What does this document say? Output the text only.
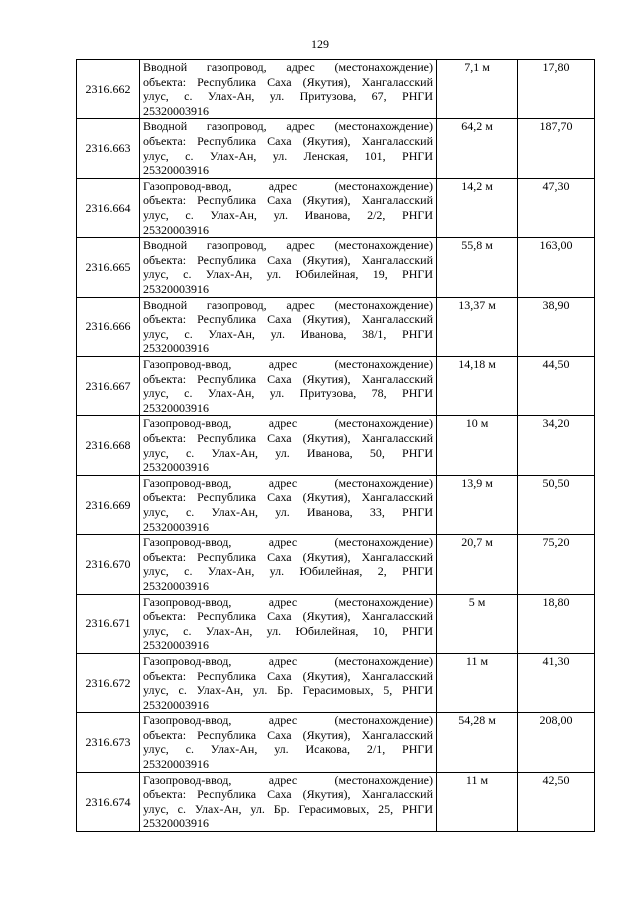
129
2316.662	Вводной газопровод, адрес (местонахождение)
объекта: Республика Саха (Якутия), Хангаласский
улус, с. Улах-Ан, ул. Притузова, 67, РНГИ
25320003916	7,1 м	17,80
2316.663	Вводной газопровод, адрес (местонахождение)
объекта: Республика Саха (Якутия), Хангаласский
улус, с. Улах-Ан, ул. Ленская, 101, РНГИ
25320003916	64,2 м	187,70
2316.664	Газопровод-ввод, адрес (местонахождение)
объекта: Республика Саха (Якутия), Хангаласский
улус, с. Улах-Ан, ул. Иванова, 2/2, РНГИ
25320003916	14,2 м	47,30
2316.665	Вводной газопровод, адрес (местонахождение)
объекта: Республика Саха (Якутия), Хангаласский
улус, с. Улах-Ан, ул. Юбилейная, 19, РНГИ
25320003916	55,8 м	163,00
2316.666	Вводной газопровод, адрес (местонахождение)
объекта: Республика Саха (Якутия), Хангаласский
улус, с. Улах-Ан, ул. Иванова, 38/1, РНГИ
25320003916	13,37 м	38,90
2316.667	Газопровод-ввод, адрес (местонахождение)
объекта: Республика Саха (Якутия), Хангаласский
улус, с. Улах-Ан, ул. Притузова, 78, РНГИ
25320003916	14,18 м	44,50
2316.668	Газопровод-ввод, адрес (местонахождение)
объекта: Республика Саха (Якутия), Хангаласский
улус, с. Улах-Ан, ул. Иванова, 50, РНГИ
25320003916	10 м	34,20
2316.669	Газопровод-ввод, адрес (местонахождение)
объекта: Республика Саха (Якутия), Хангаласский
улус, с. Улах-Ан, ул. Иванова, 33, РНГИ
25320003916	13,9 м	50,50
2316.670	Газопровод-ввод, адрес (местонахождение)
объекта: Республика Саха (Якутия), Хангаласский
улус, с. Улах-Ан, ул. Юбилейная, 2, РНГИ
25320003916	20,7 м	75,20
2316.671	Газопровод-ввод, адрес (местонахождение)
объекта: Республика Саха (Якутия), Хангаласский
улус, с. Улах-Ан, ул. Юбилейная, 10, РНГИ
25320003916	5 м	18,80
2316.672	Газопровод-ввод, адрес (местонахождение)
объекта: Республика Саха (Якутия), Хангаласский
улус, с. Улах-Ан, ул. Бр. Герасимовых, 5, РНГИ
25320003916	11 м	41,30
2316.673	Газопровод-ввод, адрес (местонахождение)
объекта: Республика Саха (Якутия), Хангаласский
улус, с. Улах-Ан, ул. Исакова, 2/1, РНГИ
25320003916	54,28 м	208,00
2316.674	Газопровод-ввод, адрес (местонахождение)
объекта: Республика Саха (Якутия), Хангаласский
улус, с. Улах-Ан, ул. Бр. Герасимовых, 25, РНГИ
25320003916	11 м	42,50
